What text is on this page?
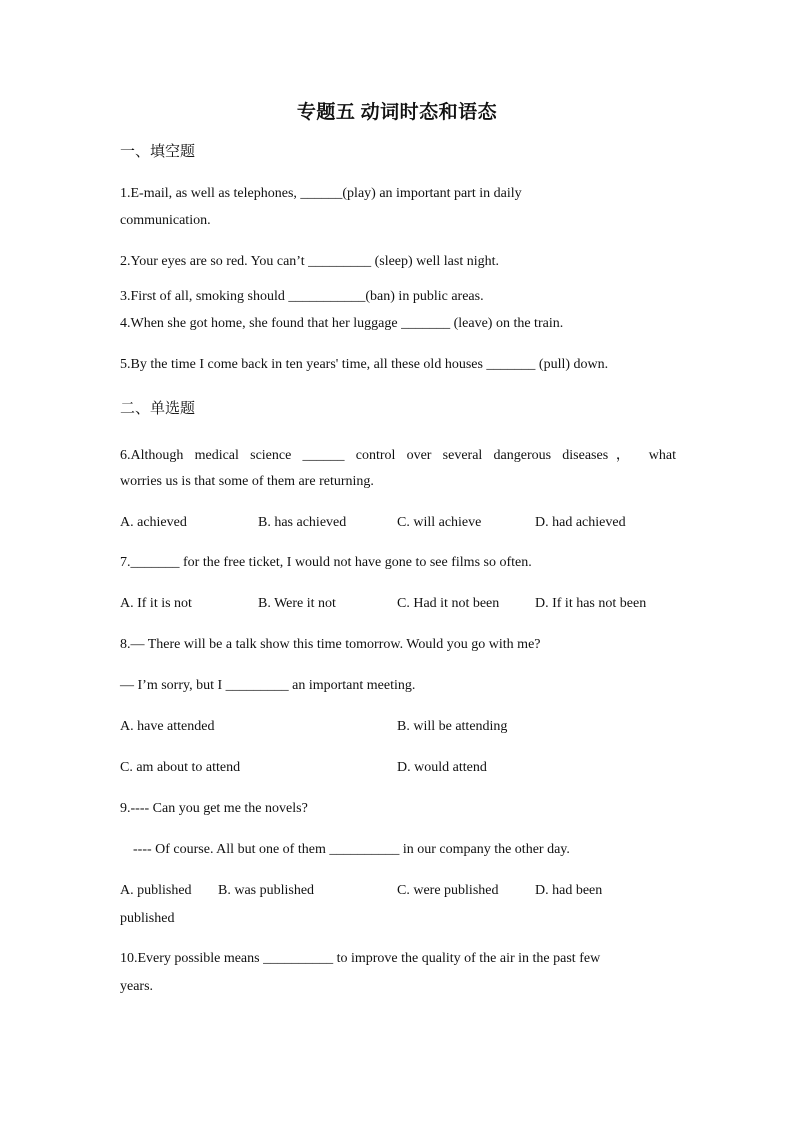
专题五 动词时态和语态
一、填空题
1.E-mail, as well as telephones, ______(play) an important part in daily
communication.
2.Your eyes are so red. You can’t _________ (sleep) well last night.
3.First of all, smoking should ___________(ban) in public areas.
4.When she got home, she found that her luggage _______ (leave) on the train.
5.By the time I come back in ten years' time, all these old houses _______ (pull) down.
二、单选题
6.Although medical science ______ control over several dangerous diseases， what
worries us is that some of them are returning.
A. achieved	B. has achieved	C. will achieve	D. had achieved
7._______ for the free ticket, I would not have gone to see films so often.
A. If it is not	B. Were it not	C. Had it not been	D. If it has not been
8.— There will be a talk show this time tomorrow. Would you go with me?
— I’m sorry, but I _________ an important meeting.
A. have attended	B. will be attending
C. am about to attend	D. would attend
9.---- Can you get me the novels?
---- Of course. All but one of them __________ in our company the other day.
A. published B. was published	C. were published	D. had been
published
10.Every possible means __________ to improve the quality of the air in the past few
years.
